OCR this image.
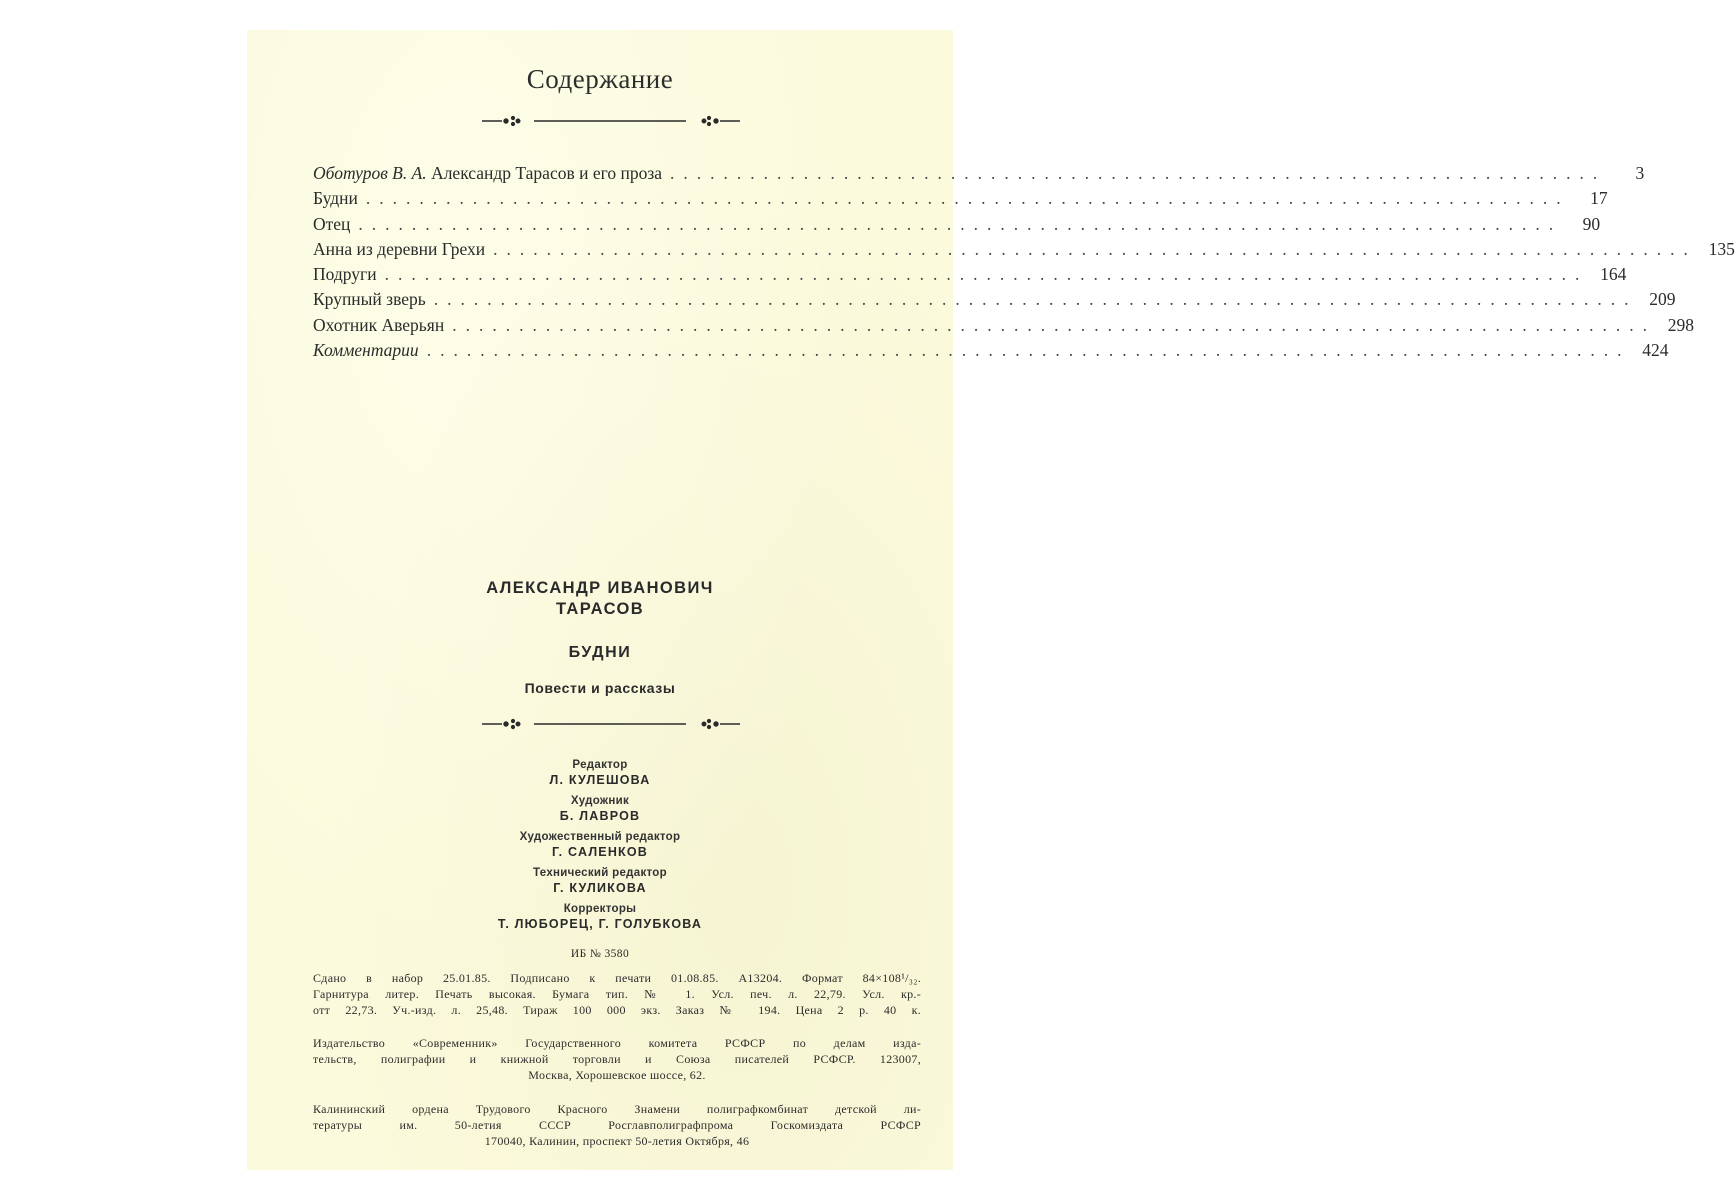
Содержание
Оботуров В. А. Александр Тарасов и его проза ......................................................................	3
Будни ..........................................................................................	17
Отец ..........................................................................................	90
Анна из деревни Грехи .......................................................................................... 135
Подруги .......................................................................................... 164
Крупный зверь .......................................................................................... 209
Охотник Аверьян .......................................................................................... 298
Комментарии .......................................................................................... 424
АЛЕКСАНДР ИВАНОВИЧ
ТАРАСОВ
БУДНИ
Повести и рассказы
Редактор
Л. КУЛЕШОВА
Художник
Б. ЛАВРОВ
Художественный редактор
Г. САЛЕНКОВ
Технический редактор
Г. КУЛИКОВА
Корректоры
Т. ЛЮБОРЕЦ, Г. ГОЛУБКОВА
ИБ № 3580
Сдано в набор 25.01.85. Подписано к печати 01.08.85. А13204. Формат 84×108¹/₃₂.
Гарнитура литер. Печать высокая. Бумага тип. № 1. Усл. печ. л. 22,79. Усл. кр.-
отт 22,73. Уч.-изд. л. 25,48. Тираж 100 000 экз. Заказ № 194. Цена 2 р. 40 к.
Издательство «Современник» Государственного комитета РСФСР по делам изда-
тельств, полиграфии и книжной торговли и Союза писателей РСФСР. 123007,
Москва, Хорошевское шоссе, 62.
Калининский ордена Трудового Красного Знамени полиграфкомбинат детской ли-
тературы им. 50-летия СССР Росглавполиграфпрома Госкомиздата РСФСР
170040, Калинин, проспект 50-летия Октября, 46
